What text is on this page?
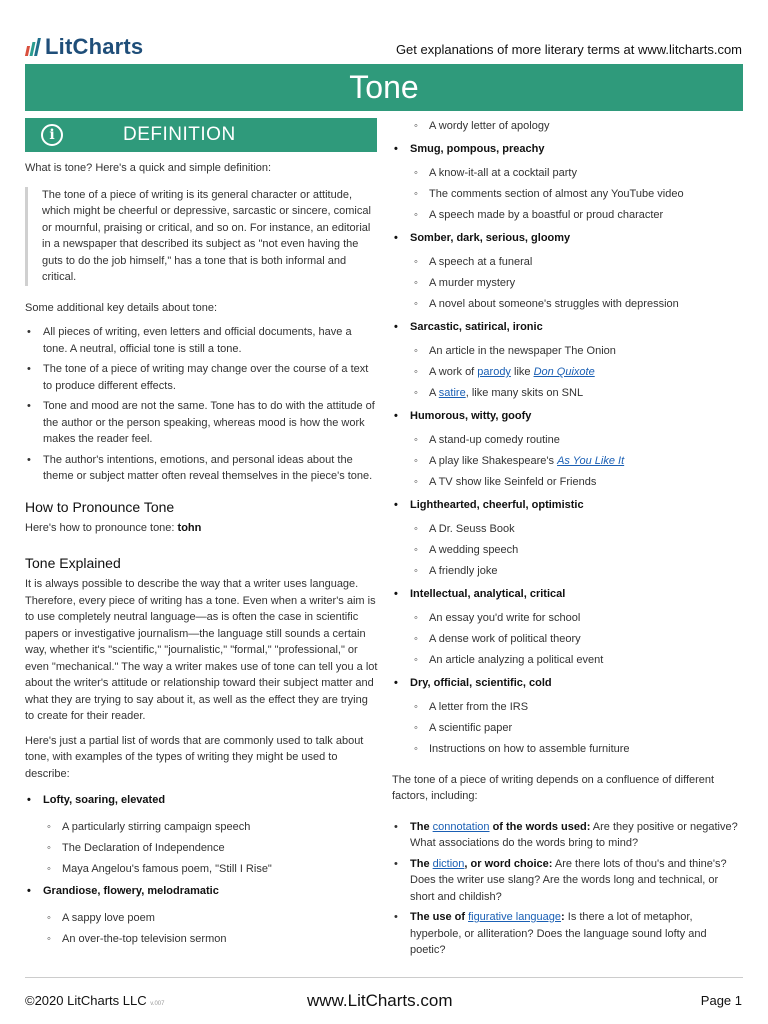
LitCharts	Get explanations of more literary terms at www.litcharts.com
Tone
i	DEFINITION

What is tone? Here's a quick and simple definition:

The tone of a piece of writing is its general character or attitude, which might be cheerful or depressive, sarcastic or sincere, comical or mournful, praising or critical, and so on. For instance, an editorial in a newspaper that described its subject as "not even having the guts to do the job himself," has a tone that is both informal and critical.

Some additional key details about tone:

• All pieces of writing, even letters and official documents, have a tone. A neutral, official tone is still a tone.
• The tone of a piece of writing may change over the course of a text to produce different effects.
• Tone and mood are not the same. Tone has to do with the attitude of the author or the person speaking, whereas mood is how the work makes the reader feel.
• The author's intentions, emotions, and personal ideas about the theme or subject matter often reveal themselves in the piece's tone.
How to Pronounce Tone

Here's how to pronounce tone: tohn

Tone Explained

It is always possible to describe the way that a writer uses language. Therefore, every piece of writing has a tone. Even when a writer's aim is to use completely neutral language—as is often the case in scientific papers or investigative journalism—the language still sounds a certain way, whether it's "scientific," "journalistic," "formal," "professional," or even "mechanical." The way a writer makes use of tone can tell you a lot about the writer's attitude or relationship toward their subject matter and what they are trying to say about it, as well as the effect they are trying to create for their reader.

Here's just a partial list of words that are commonly used to talk about tone, with examples of the types of writing they might be used to describe:

• Lofty, soaring, elevated
◦ A particularly stirring campaign speech
◦ The Declaration of Independence
◦ Maya Angelou's famous poem, "Still I Rise"
• Grandiose, flowery, melodramatic
◦ A sappy love poem
◦ An over-the-top television sermon
◦ A wordy letter of apology
• Smug, pompous, preachy
◦ A know-it-all at a cocktail party
◦ The comments section of almost any YouTube video
◦ A speech made by a boastful or proud character
• Somber, dark, serious, gloomy
◦ A speech at a funeral
◦ A murder mystery
◦ A novel about someone's struggles with depression
• Sarcastic, satirical, ironic
◦ An article in the newspaper The Onion
◦ A work of parody like Don Quixote
◦ A satire, like many skits on SNL
• Humorous, witty, goofy
◦ A stand-up comedy routine
◦ A play like Shakespeare's As You Like It
◦ A TV show like Seinfeld or Friends
• Lighthearted, cheerful, optimistic
◦ A Dr. Seuss Book
◦ A wedding speech
◦ A friendly joke
• Intellectual, analytical, critical
◦ An essay you'd write for school
◦ A dense work of political theory
◦ An article analyzing a political event
• Dry, official, scientific, cold
◦ A letter from the IRS
◦ A scientific paper
◦ Instructions on how to assemble furniture

The tone of a piece of writing depends on a confluence of different factors, including:

• The connotation of the words used: Are they positive or negative? What associations do the words bring to mind?
• The diction, or word choice: Are there lots of thou's and thine's? Does the writer use slang? Are the words long and technical, or short and childish?
• The use of figurative language: Is there a lot of metaphor, hyperbole, or alliteration? Does the language sound lofty and poetic?
©2020 LitCharts LLC v.007	www.LitCharts.com	Page 1
